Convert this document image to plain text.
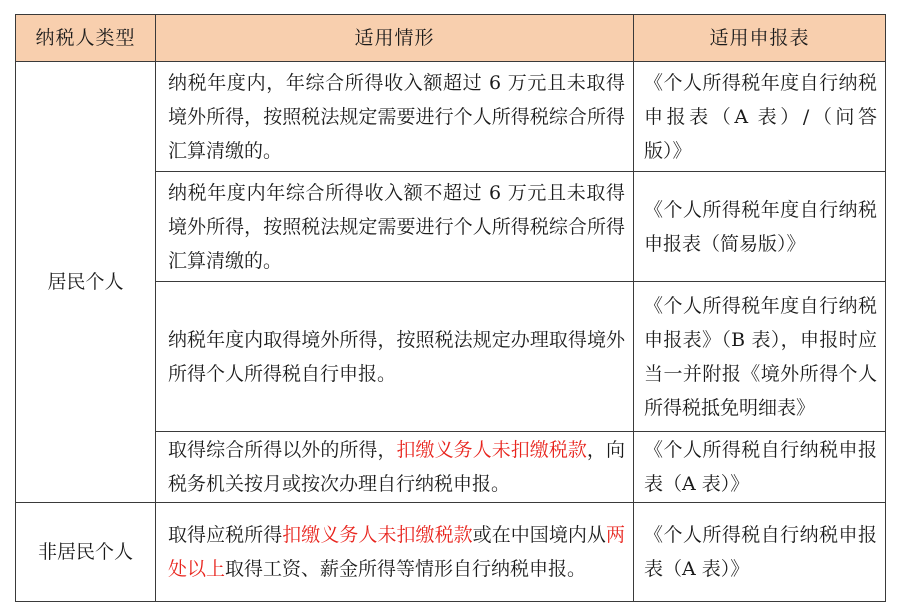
纳税人类型	适用情形	适用申报表
居民个人	纳税年度内，年综合所得收入额超过 6 万元且未取得境外所得，按照税法规定需要进行个人所得税综合所得汇算清缴的。	《个人所得税年度自行纳税申报表（A 表）/（问答版）》
	纳税年度内年综合所得收入额不超过 6 万元且未取得境外所得，按照税法规定需要进行个人所得税综合所得汇算清缴的。	《个人所得税年度自行纳税申报表（简易版）》
	纳税年度内取得境外所得，按照税法规定办理取得境外所得个人所得税自行申报。	《个人所得税年度自行纳税申报表》（B 表），申报时应当一并附报《境外所得个人所得税抵免明细表》
	取得综合所得以外的所得，扣缴义务人未扣缴税款，向税务机关按月或按次办理自行纳税申报。	《个人所得税自行纳税申报表（A 表）》
非居民个人	取得应税所得扣缴义务人未扣缴税款或在中国境内从两处以上取得工资、薪金所得等情形自行纳税申报。	《个人所得税自行纳税申报表（A 表）》
